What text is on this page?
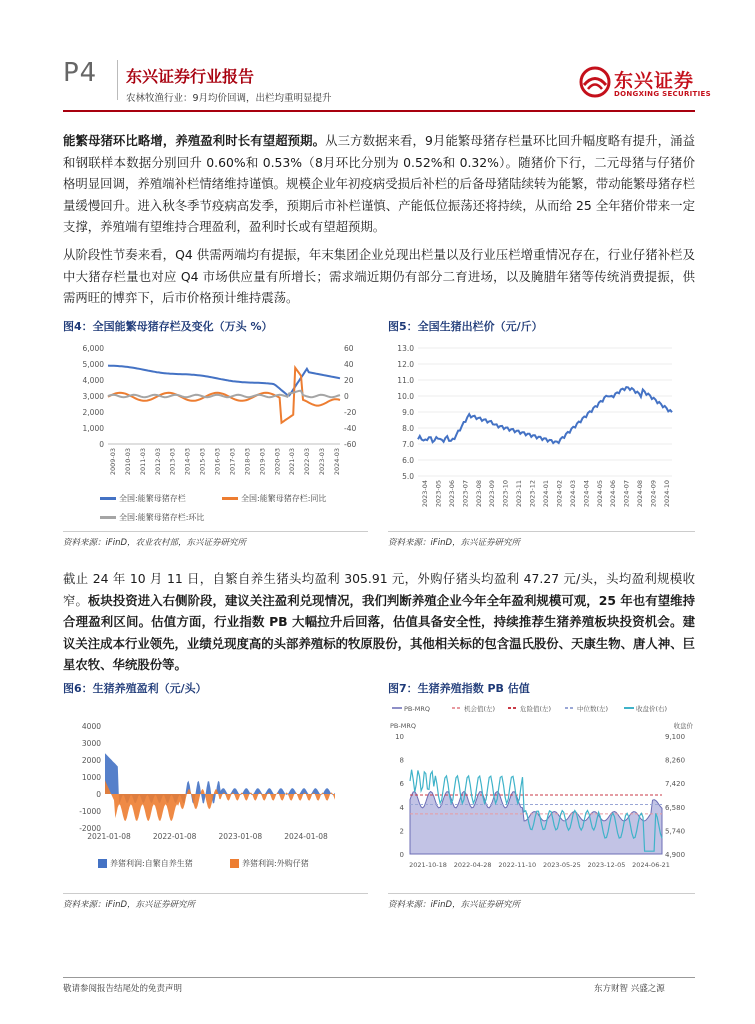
P4 东兴证券行业报告
农林牧渔行业：9月均价回调，出栏均重明显提升
东兴证券
DONGXING SECURITIES

能繁母猪环比略增，养殖盈利时长有望超预期。从三方数据来看，9月能繁母猪存栏量环比回升幅度略有提升，涌益和钢联样本数据分别回升 0.60%和 0.53%（8月环比分别为 0.52%和 0.32%）。随猪价下行，二元母猪与仔猪价格明显回调，养殖端补栏情绪维持谨慎。规模企业年初疫病受损后补栏的后备母猪陆续转为能繁，带动能繁母猪存栏量缓慢回升。进入秋冬季节疫病高发季，预期后市补栏谨慎、产能低位振荡还将持续，从而给 25 全年猪价带来一定支撑，养殖端有望维持合理盈利，盈利时长或有望超预期。

从阶段性节奏来看，Q4 供需两端均有提振，年末集团企业兑现出栏量以及行业压栏增重情况存在，行业仔猪补栏及中大猪存栏量也对应 Q4 市场供应量有所增长；需求端近期仍有部分二育进场，以及腌腊年猪等传统消费提振，供需两旺的博弈下，后市价格预计维持震荡。

图4：全国能繁母猪存栏及变化（万头 %）
6,000
5,000
4,000
3,000
2,000
1,000
0
60
40
20
0
-20
-40
-60
2009-03 2010-03 2011-03 2012-03 2013-03 2014-03 2015-03 2016-03 2017-03 2018-03 2019-03 2020-03 2021-03 2022-03 2023-03 2024-03
全国:能繁母猪存栏	全国:能繁母猪存栏:同比
全国:能繁母猪存栏:环比
资料来源：iFinD，农业农村部，东兴证券研究所
图5：全国生猪出栏价（元/斤）
13.0
12.0
11.0
10.0
9.0
8.0
7.0
6.0
5.0
2023-04 2023-05 2023-06 2023-07 2023-08 2023-09 2023-10 2023-11 2023-12 2024-01 2024-02 2024-03 2024-04 2024-05 2024-06 2024-07 2024-08 2024-09 2024-10
资料来源：iFinD，东兴证券研究所

截止 24 年 10 月 11 日，自繁自养生猪头均盈利 305.91 元，外购仔猪头均盈利 47.27 元/头，头均盈利规模收窄。板块投资进入右侧阶段，建议关注盈利兑现情况，我们判断养殖企业今年全年盈利规模可观，25 年也有望维持合理盈利区间。估值方面，行业指数 PB 大幅拉升后回落，估值具备安全性，持续推荐生猪养殖板块投资机会。建议关注成本行业领先，业绩兑现度高的头部养殖标的牧原股份，其他相关标的包含温氏股份、天康生物、唐人神、巨星农牧、华统股份等。

图6：生猪养殖盈利（元/头）
4000
3000
2000
1000
0
-1000
-2000
2021-01-08	2022-01-08	2023-01-08	2024-01-08
养猪利润:自繁自养生猪	养猪利润:外购仔猪
资料来源：iFinD，东兴证券研究所
图7：生猪养殖指数 PB 估值
PB-MRQ	机会值(左)	危险值(左)	中位数(左)	收盘价(右)
PB-MRQ
10
8
6
4
2
0
收盘价
9,100
8,260
7,420
6,580
5,740
4,900
2021-10-18 2022-04-28 2022-11-10 2023-05-25 2023-12-05 2024-06-21
资料来源：iFinD，东兴证券研究所
敬请参阅报告结尾处的免责声明	东方财智 兴盛之源
